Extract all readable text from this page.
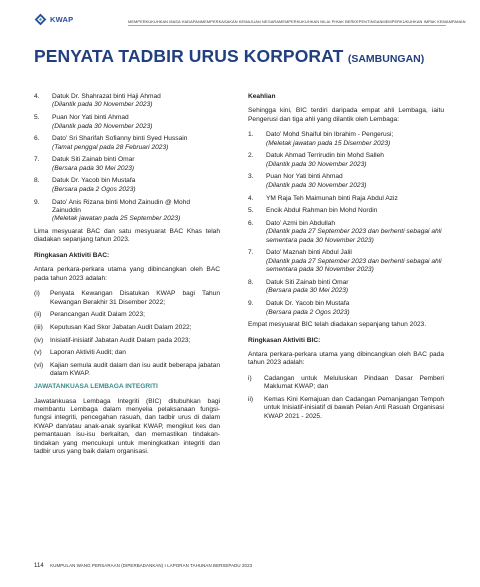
KWAP	MEMPERKUKUHKAN MASA HADAPAN MEMPERKASAKAN KEMAJUAN NEGARA MEMPERKUKUHKAN NILAI PIHAK BERKEPENTINGAN MEMPERKUKUHKAN IMPAK KEMAMPANAN
PENYATA TADBIR URUS KORPORAT (SAMBUNGAN)
4.	Datuk Dr. Shahrazat binti Haji Ahmad
(Dilantik pada 30 November 2023)
5.	Puan Nor Yati binti Ahmad
(Dilantik pada 30 November 2023)
6.	Dato’ Sri Sharifah Sofianny binti Syed Hussain
(Tamat penggal pada 28 Februari 2023)
7.	Datuk Siti Zainab binti Omar
(Bersara pada 30 Mei 2023)
8.	Datuk Dr. Yacob bin Mustafa
(Bersara pada 2 Ogos 2023)
9.	Dato’ Anis Rizana binti Mohd Zainudin @ Mohd Zainuddin
(Meletak jawatan pada 25 September 2023)

Lima mesyuarat BAC dan satu mesyuarat BAC Khas telah diadakan sepanjang tahun 2023.

Ringkasan Aktiviti BAC:

Antara perkara-perkara utama yang dibincangkan oleh BAC pada tahun 2023 adalah:

(i)	Penyata Kewangan Disatukan KWAP bagi Tahun Kewangan Berakhir 31 Disember 2022;
(ii)	Perancangan Audit Dalam 2023;
(iii)	Keputusan Kad Skor Jabatan Audit Dalam 2022;
(iv)	Inisiatif-inisiatif Jabatan Audit Dalam pada 2023;
(v)	Laporan Aktiviti Audit; dan
(vi)	Kajian semula audit dalam dan isu audit beberapa jabatan dalam KWAP.

JAWATANKUASA LEMBAGA INTEGRITI

Jawatankuasa Lembaga Integriti (BIC) ditubuhkan bagi membantu Lembaga dalam menyelia pelaksanaan fungsi-fungsi integriti, pencegahan rasuah, dan tadbir urus di dalam KWAP dan/atau anak-anak syarikat KWAP, mengikut kes dan pemantauan isu-isu berkaitan, dan memastikan tindakan-tindakan yang mencukupi untuk meningkatkan integriti dan tadbir urus yang baik dalam organisasi.

Keahlian

Sehingga kini, BIC terdiri daripada empat ahli Lembaga, iaitu Pengerusi dan tiga ahli yang dilantik oleh Lembaga:

1.	Dato’ Mohd Shaiful bin Ibrahim - Pengerusi;
(Meletak jawatan pada 15 Disember 2023)
2.	Datuk Ahmad Terrirudin bin Mohd Salleh
(Dilantik pada 30 November 2023)
3.	Puan Nor Yati binti Ahmad
(Dilantik pada 30 November 2023)
4.	YM Raja Teh Maimunah binti Raja Abdul Aziz
5.	Encik Abdul Rahman bin Mohd Nordin
6.	Dato’ Azmi bin Abdullah
(Dilantik pada 27 September 2023 dan berhenti sebagai ahli sementara pada 30 November 2023)
7.	Dato’ Maznah binti Abdul Jalil
(Dilantik pada 27 September 2023 dan berhenti sebagai ahli sementara pada 30 November 2023)
8.	Datuk Siti Zainab binti Omar
(Bersara pada 30 Mei 2023)
9.	Datuk Dr. Yacob bin Mustafa
(Bersara pada 2 Ogos 2023)

Empat mesyuarat BIC telah diadakan sepanjang tahun 2023.

Ringkasan Aktiviti BIC:

Antara perkara-perkara utama yang dibincangkan oleh BAC pada tahun 2023 adalah:

i)	Cadangan untuk Meluluskan Pindaan Dasar Pemberi Maklumat KWAP; dan
ii)	Kemas Kini Kemajuan dan Cadangan Pemanjangan Tempoh untuk Inisiatif-inisiatif di bawah Pelan Anti Rasuah Organisasi KWAP 2021 - 2025.
114 KUMPULAN WANG PERSARAAN (DIPERBADANKAN) I LAPORAN TAHUNAN BERSEPADU 2023
